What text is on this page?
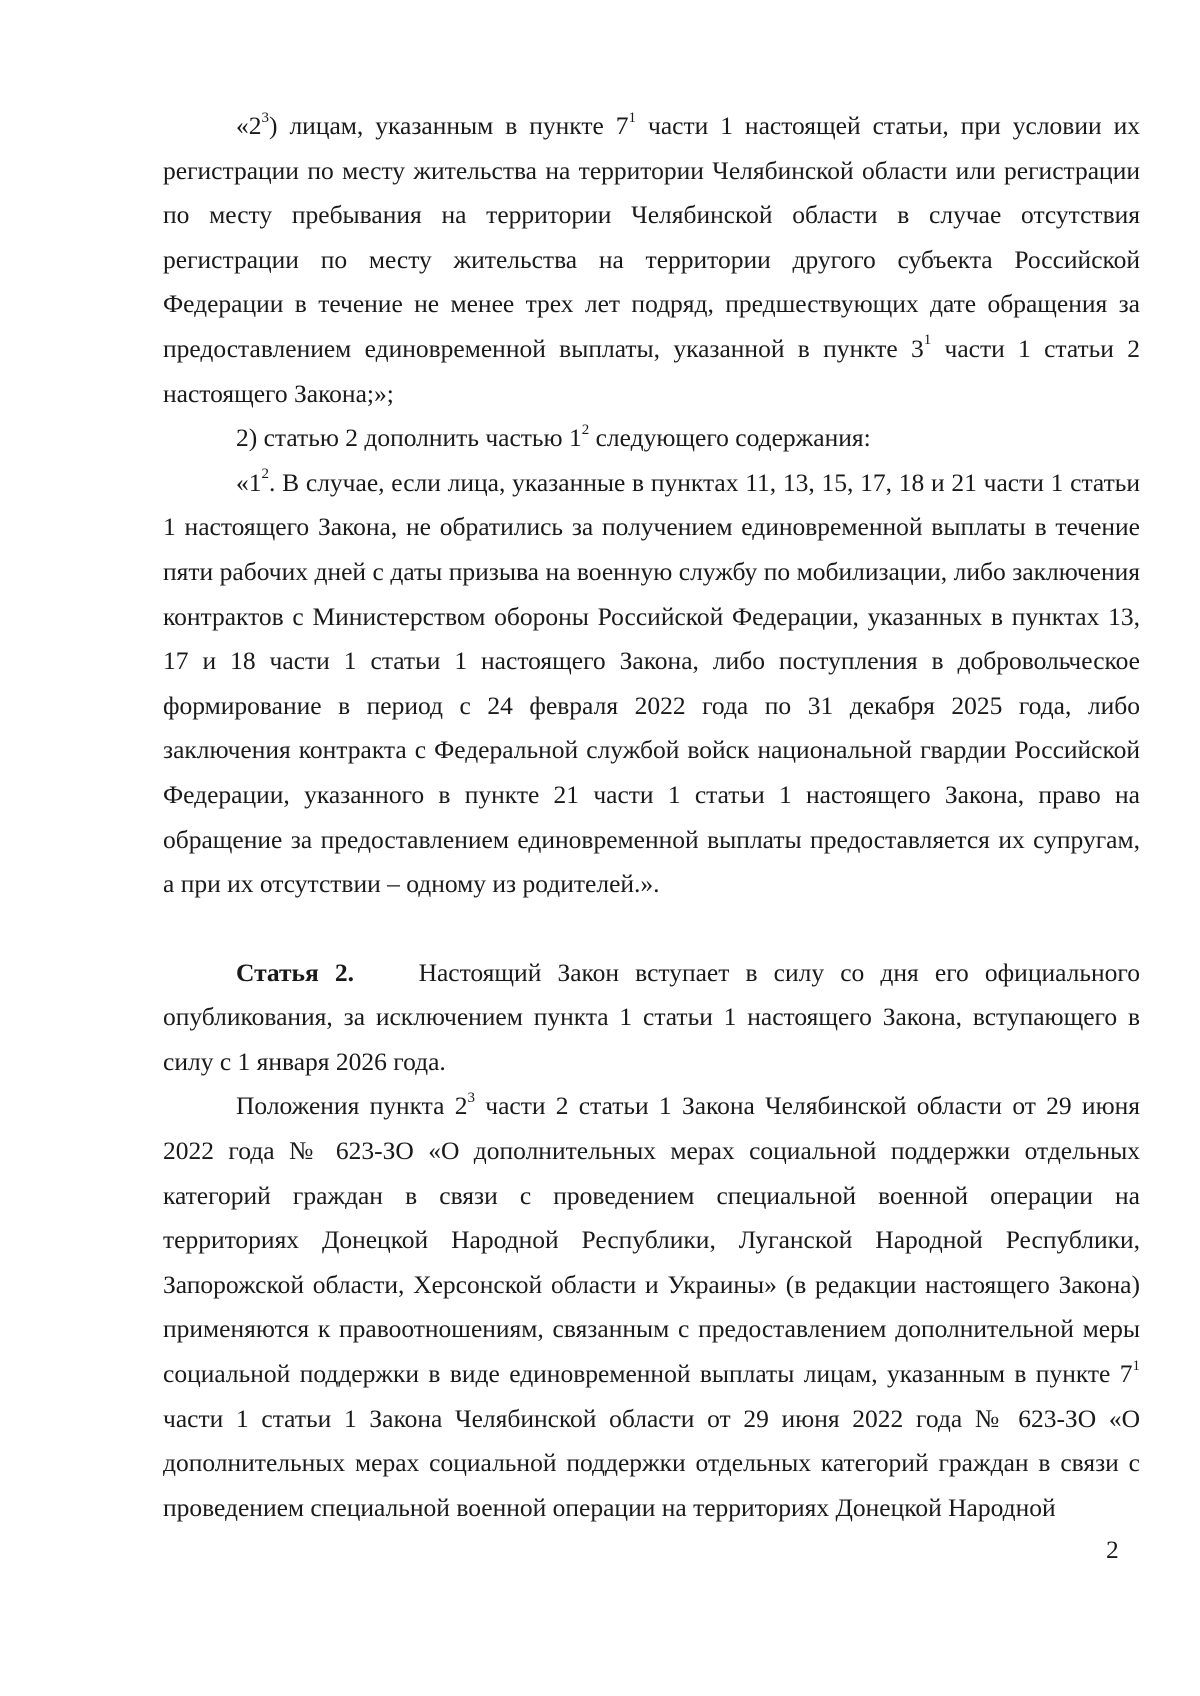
«$2^3$) лицам, указанным в пункте $7^1$ части 1 настоящей статьи, при условии их регистрации по месту жительства на территории Челябинской области или регистрации по месту пребывания на территории Челябинской области в случае отсутствия регистрации по месту жительства на территории другого субъекта Российской Федерации в течение не менее трех лет подряд, предшествующих дате обращения за предоставлением единовременной выплаты, указанной в пункте $3^1$ части 1 статьи 2 настоящего Закона;»;

2) статью 2 дополнить частью $1^2$ следующего содержания:

«$1^2$. В случае, если лица, указанные в пунктах 11, 13, 15, 17, 18 и 21 части 1 статьи 1 настоящего Закона, не обратились за получением единовременной выплаты в течение пяти рабочих дней с даты призыва на военную службу по мобилизации, либо заключения контрактов с Министерством обороны Российской Федерации, указанных в пунктах 13, 17 и 18 части 1 статьи 1 настоящего Закона, либо поступления в добровольческое формирование в период с 24 февраля 2022 года по 31 декабря 2025 года, либо заключения контракта с Федеральной службой войск национальной гвардии Российской Федерации, указанного в пункте 21 части 1 статьи 1 настоящего Закона, право на обращение за предоставлением единовременной выплаты предоставляется их супругам, а при их отсутствии – одному из родителей.».

Статья 2.	Настоящий Закон вступает в силу со дня его официального опубликования, за исключением пункта 1 статьи 1 настоящего Закона, вступающего в силу с 1 января 2026 года.

Положения пункта $2^3$ части 2 статьи 1 Закона Челябинской области от 29 июня 2022 года № 623-ЗО «О дополнительных мерах социальной поддержки отдельных категорий граждан в связи с проведением специальной военной операции на территориях Донецкой Народной Республики, Луганской Народной Республики, Запорожской области, Херсонской области и Украины» (в редакции настоящего Закона) применяются к правоотношениям, связанным с предоставлением дополнительной меры социальной поддержки в виде единовременной выплаты лицам, указанным в пункте $7^1$ части 1 статьи 1 Закона Челябинской области от 29 июня 2022 года № 623-ЗО «О дополнительных мерах социальной поддержки отдельных категорий граждан в связи с проведением специальной военной операции на территориях Донецкой Народной

2
